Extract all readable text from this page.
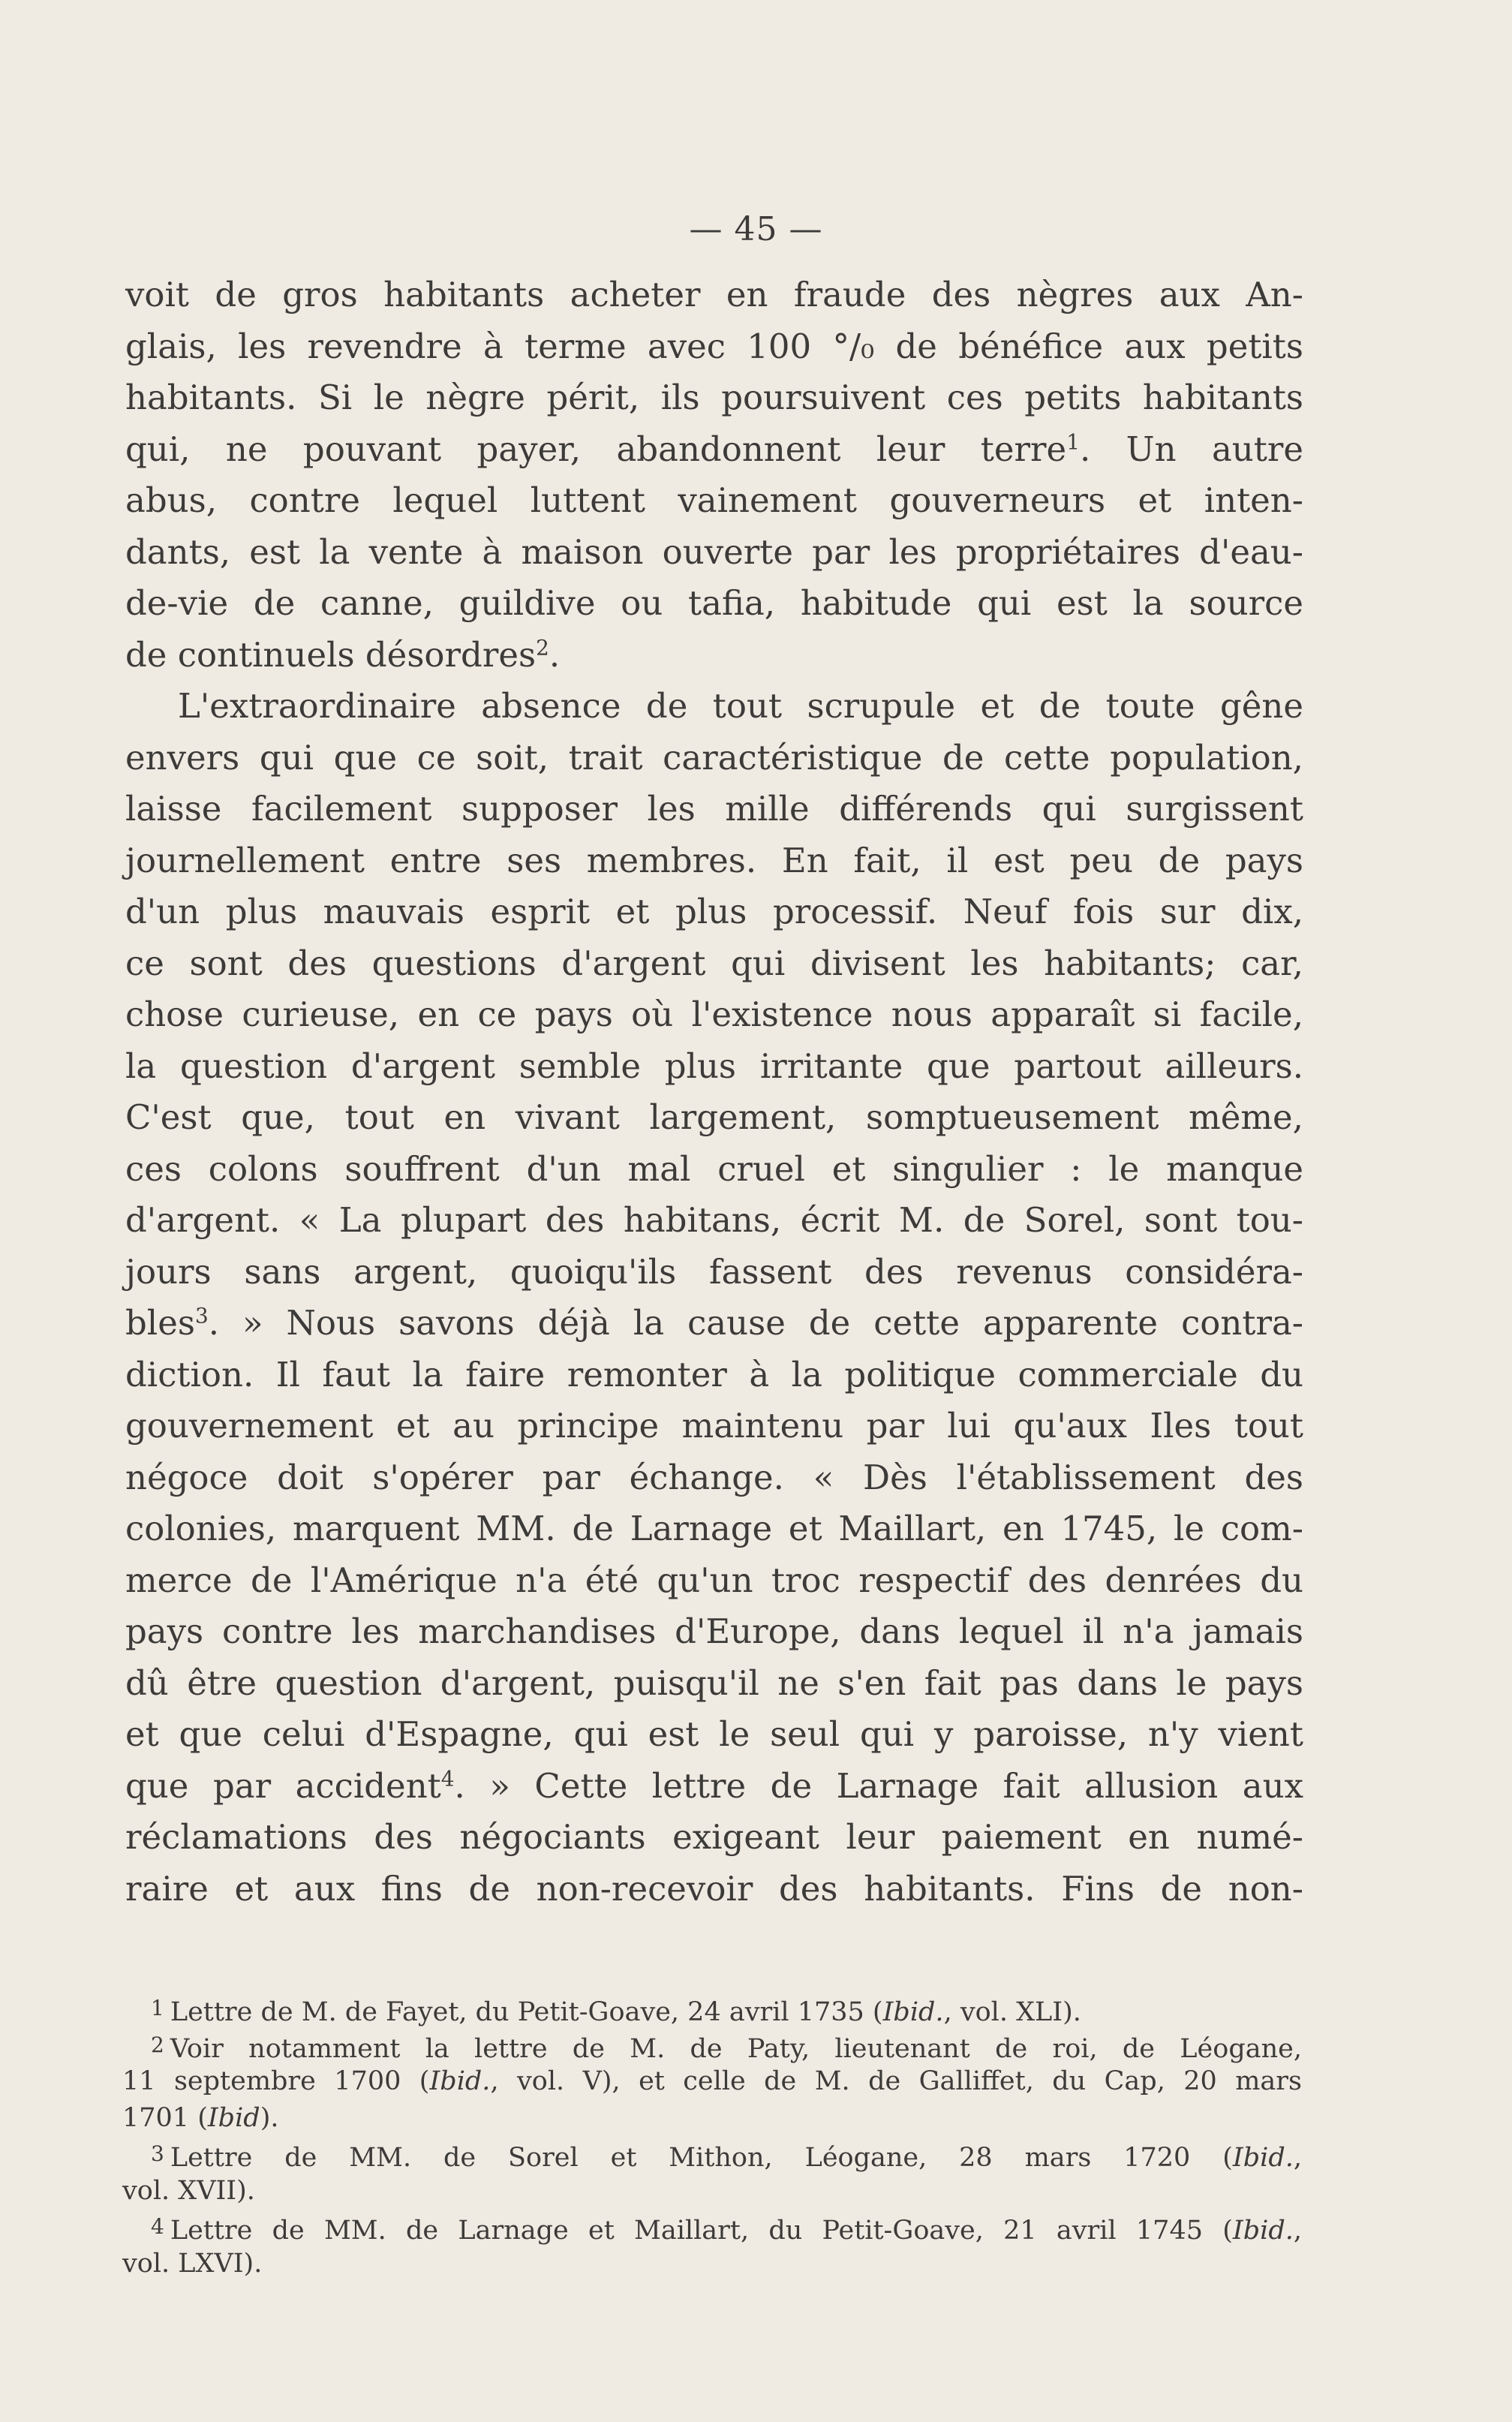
— 45 —
voit de gros habitants acheter en fraude des nègres aux An-
glais, les revendre à terme avec 100 °/₀ de bénéfice aux petits
habitants. Si le nègre périt, ils poursuivent ces petits habitants
qui, ne pouvant payer, abandonnent leur terre$^1$. Un autre
abus, contre lequel luttent vainement gouverneurs et inten-
dants, est la vente à maison ouverte par les propriétaires d'eau-
de-vie de canne, guildive ou tafia, habitude qui est la source
de continuels désordres$^2$.
L'extraordinaire absence de tout scrupule et de toute gêne
envers qui que ce soit, trait caractéristique de cette population,
laisse facilement supposer les mille différends qui surgissent
journellement entre ses membres. En fait, il est peu de pays
d'un plus mauvais esprit et plus processif. Neuf fois sur dix,
ce sont des questions d'argent qui divisent les habitants; car,
chose curieuse, en ce pays où l'existence nous apparaît si facile,
la question d'argent semble plus irritante que partout ailleurs.
C'est que, tout en vivant largement, somptueusement même,
ces colons souffrent d'un mal cruel et singulier : le manque
d'argent. « La plupart des habitans, écrit M. de Sorel, sont tou-
jours sans argent, quoiqu'ils fassent des revenus considéra-
bles$^3$. » Nous savons déjà la cause de cette apparente contra-
diction. Il faut la faire remonter à la politique commerciale du
gouvernement et au principe maintenu par lui qu'aux Iles tout
négoce doit s'opérer par échange. « Dès l'établissement des
colonies, marquent MM. de Larnage et Maillart, en 1745, le com-
merce de l'Amérique n'a été qu'un troc respectif des denrées du
pays contre les marchandises d'Europe, dans lequel il n'a jamais
dû être question d'argent, puisqu'il ne s'en fait pas dans le pays
et que celui d'Espagne, qui est le seul qui y paroisse, n'y vient
que par accident$^4$. » Cette lettre de Larnage fait allusion aux
réclamations des négociants exigeant leur paiement en numé-
raire et aux fins de non-recevoir des habitants. Fins de non-
$^1$ Lettre de M. de Fayet, du Petit-Goave, 24 avril 1735 (Ibid., vol. XLI).
$^2$ Voir notamment la lettre de M. de Paty, lieutenant de roi, de Léogane,
11 septembre 1700 (Ibid., vol. V), et celle de M. de Galliffet, du Cap, 20 mars
1701 (Ibid).
$^3$ Lettre de MM. de Sorel et Mithon, Léogane, 28 mars 1720 (Ibid.,
vol. XVII).
$^4$ Lettre de MM. de Larnage et Maillart, du Petit-Goave, 21 avril 1745 (Ibid.,
vol. LXVI).
